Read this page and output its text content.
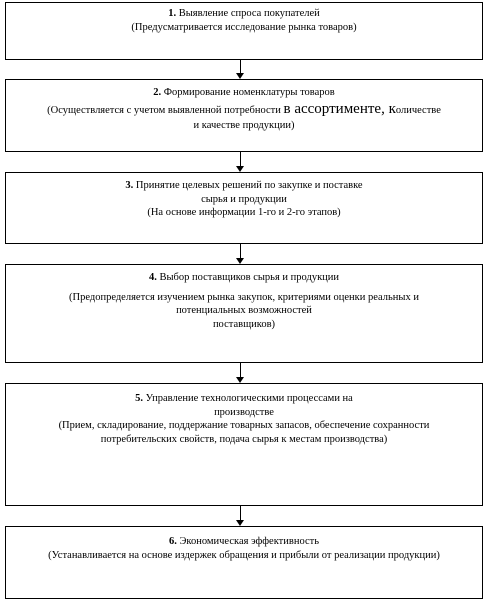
1. Выявление спроса покупателей
(Предусматривается исследование рынка товаров)
2. Формирование номенклатуры товаров
(Осуществляется с учетом выявленной потребности в ассортименте, количестве
и качестве продукции)
3. Принятие целевых решений по закупке и поставке
сырья и продукции
(На основе информации 1-го и 2-го этапов)
4. Выбор поставщиков сырья и продукции
(Предопределяется изучением рынка закупок, критериями оценки реальных и
потенциальных возможностей
поставщиков)
5. Управление технологическими процессами на
производстве
(Прием, складирование, поддержание товарных запасов, обеспечение сохранности
потребительских свойств, подача сырья к местам производства)
6. Экономическая эффективность
(Устанавливается на основе издержек обращения и прибыли от реализации продукции)
